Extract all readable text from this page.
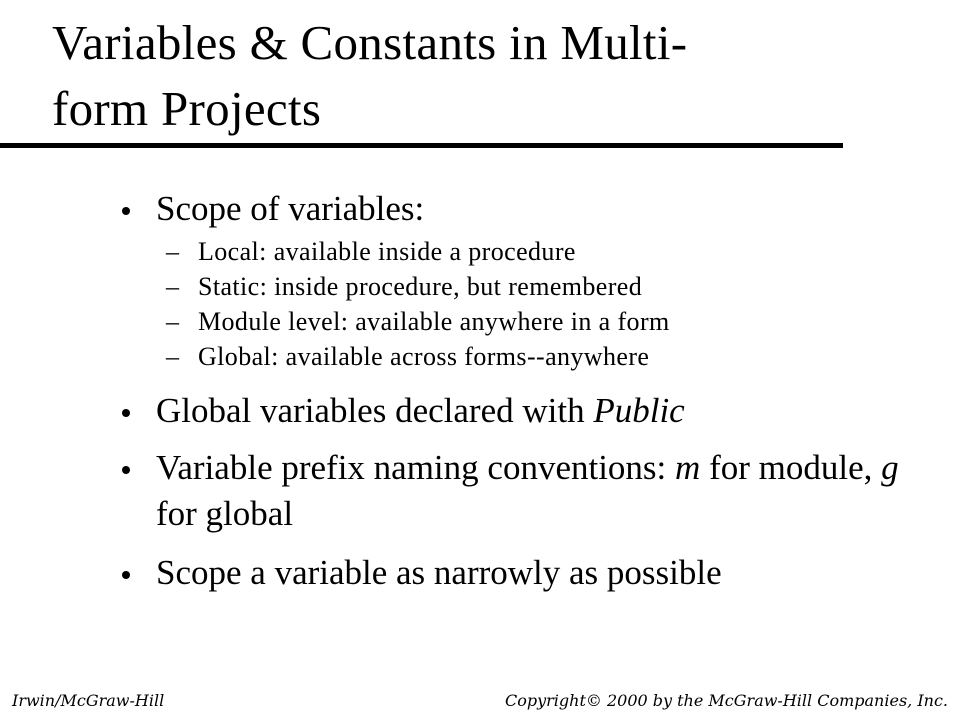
Variables & Constants in Multi-
form Projects
Scope of variables:
– Local: available inside a procedure
– Static: inside procedure, but remembered
– Module level: available anywhere in a form
– Global: available across forms--anywhere
Global variables declared with Public
Variable prefix naming conventions: m for module, g for global
Scope a variable as narrowly as possible
Irwin/McGraw-Hill	Copyright© 2000 by the McGraw-Hill Companies, Inc.
